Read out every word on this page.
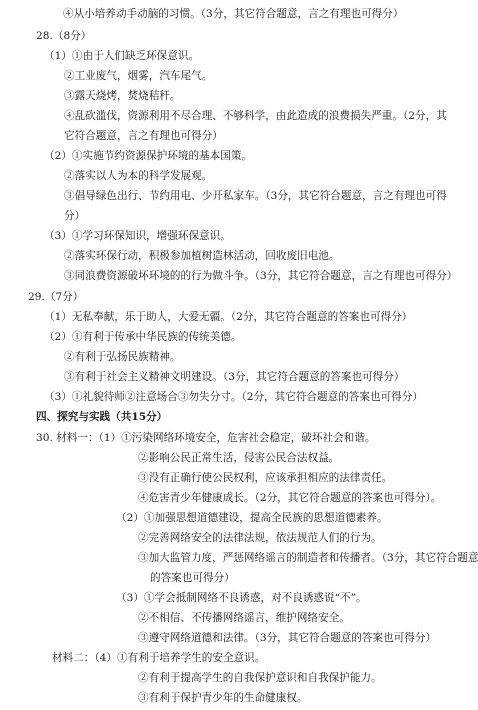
④从小培养动手动脑的习惯。（3分，其它符合题意，言之有理也可得分）
28.（8分）
（1）①由于人们缺乏环保意识。
②工业废气，烟雾，汽车尾气。
③露天烧烤，焚烧秸秆。
④乱砍滥伐，资源利用不尽合理、不够科学，由此造成的浪费损失严重。（2分，其
它符合题意，言之有理也可得分）
（2）①实施节约资源保护环境的基本国策。
②落实以人为本的科学发展观。
③倡导绿色出行、节约用电、少开私家车。（3分，其它符合题意，言之有理也可得
分）
（3）①学习环保知识，增强环保意识。
②落实环保行动，积极参加植树造林活动，回收废旧电池。
③同浪费资源破坏环境的的行为做斗争。（3分，其它符合题意，言之有理也可得分）
29.（7分）
（1）无私奉献，乐于助人，大爱无疆。（2分，其它符合题意的答案也可得分）
（2）①有利于传承中华民族的传统美德。
②有利于弘扬民族精神。
③有利于社会主义精神文明建设。（3分，其它符合题意的答案也可得分）
（3）①礼貌待师②注意场合③勿失分寸。（2分，其它符合题意的答案也可得分）
四、探究与实践（共15分）
30. 材料一：（1）①污染网络环境安全，危害社会稳定，破坏社会和谐。
②影响公民正常生活，侵害公民合法权益。
③没有正确行使公民权利，应该承担相应的法律责任。
④危害青少年健康成长。（2分，其它符合题意的答案也可得分）。
（2）①加强思想道德建设，提高全民族的思想道德素养。
②完善网络安全的法律法规，依法规范人们的行为。
③加大监管力度，严惩网络谣言的制造者和传播者。（3分，其它符合题意
的答案也可得分）
（3）①学会抵制网络不良诱惑，对不良诱惑说“不”。
②不相信、不传播网络谣言，维护网络安全。
③遵守网络道德和法律。（3分，其它符合题意的答案也可得分）
材料二：（4）①有利于培养学生的安全意识。
②有利于提高学生的自我保护意识和自我保护能力。
③有利于保护青少年的生命健康权。
